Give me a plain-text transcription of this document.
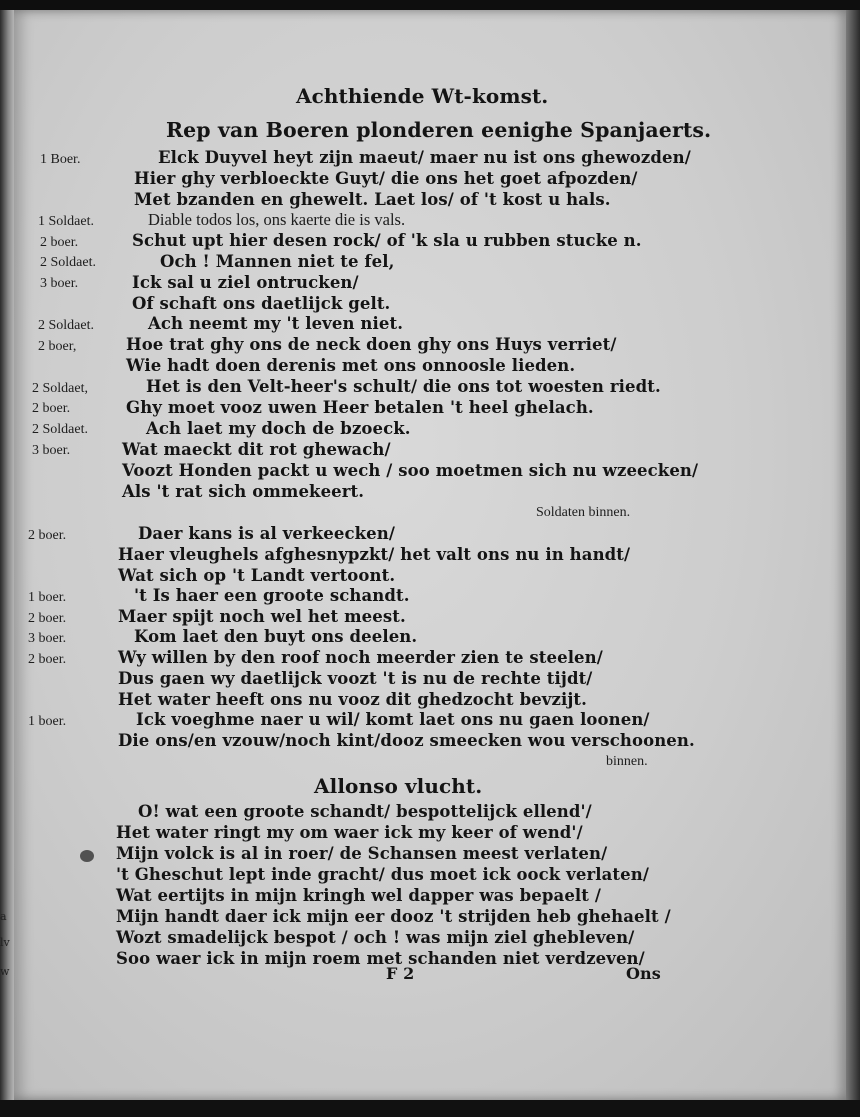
a
lv
w
Achthiende Wt-komst.
Rep van Boeren plonderen eenighe Spanjaerts.
1 Boer.	Elck Duyvel heyt zijn maeut/ maer nu ist ons ghewozden/
Hier ghy verbloeckte Guyt/ die ons het goet afpozden/
Met bzanden en ghewelt. Laet los/ of 't kost u hals.
1 Soldaet.	Diable todos los, ons kaerte die is vals.
2 boer.	Schut upt hier desen rock/ of 'k sla u rubben stucke n.
2 Soldaet.	Och ! Mannen niet te fel,
3 boer.	Ick sal u ziel ontrucken/
Of schaft ons daetlijck gelt.
2 Soldaet.	Ach neemt my 't leven niet.
2 boer,	Hoe trat ghy ons de neck doen ghy ons Huys verriet/
Wie hadt doen derenis met ons onnoosle lieden.
2 Soldaet,	Het is den Velt-heer's schult/ die ons tot woesten riedt.
2 boer.	Ghy moet vooz uwen Heer betalen 't heel ghelach.
2 Soldaet.	Ach laet my doch de bzoeck.
3 boer.	Wat maeckt dit rot ghewach/
Voozt Honden packt u wech / soo moetmen sich nu wzeecken/
Als 't rat sich ommekeert.
Soldaten binnen.
2 boer.	Daer kans is al verkeecken/
Haer vleughels afghesnypzkt/ het valt ons nu in handt/
Wat sich op 't Landt vertoont.
1 boer.	't Is haer een groote schandt.
2 boer.	Maer spijt noch wel het meest.
3 boer.	Kom laet den buyt ons deelen.
2 boer.	Wy willen by den roof noch meerder zien te steelen/
Dus gaen wy daetlijck voozt 't is nu de rechte tijdt/
Het water heeft ons nu vooz dit ghedzocht bevzijt.
1 boer.	Ick voeghme naer u wil/ komt laet ons nu gaen loonen/
Die ons/en vzouw/noch kint/dooz smeecken wou verschoonen.
binnen.
Allonso vlucht.
O! wat een groote schandt/ bespottelijck ellend'/
Het water ringt my om waer ick my keer of wend'/
Mijn volck is al in roer/ de Schansen meest verlaten/
't Gheschut lept inde gracht/ dus moet ick oock verlaten/
Wat eertijts in mijn kringh wel dapper was bepaelt /
Mijn handt daer ick mijn eer dooz 't strijden heb ghehaelt /
Wozt smadelijck bespot / och ! was mijn ziel ghebleven/
Soo waer ick in mijn roem met schanden niet verdzeven/
F 2	Ons
